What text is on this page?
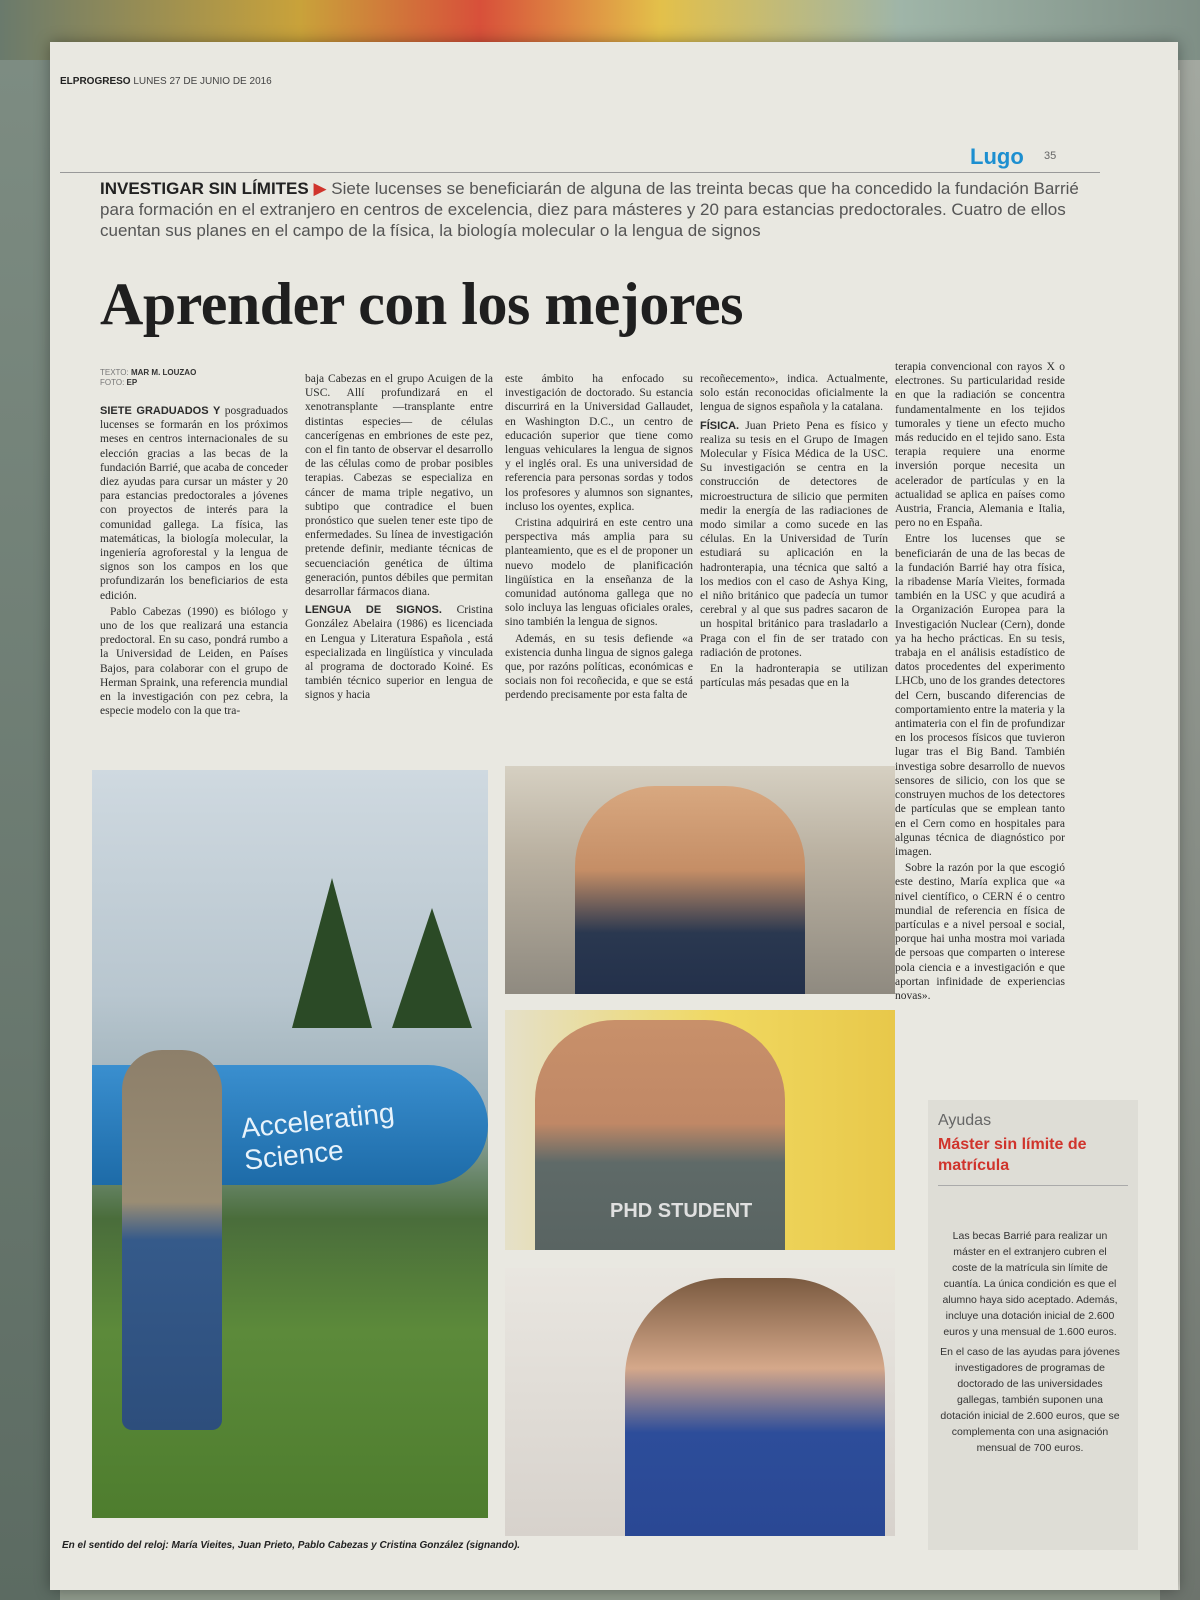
ELPROGRESO LUNES 27 DE JUNIO DE 2016
Lugo 35
INVESTIGAR SIN LÍMITES ▶ Siete lucenses se beneficiarán de alguna de las treinta becas que ha concedido la fundación Barrié para formación en el extranjero en centros de excelencia, diez para másteres y 20 para estancias predoctorales. Cuatro de ellos cuentan sus planes en el campo de la física, la biología molecular o la lengua de signos
Aprender con los mejores
TEXTO: MAR M. LOUZAO
FOTO: EP

SIETE GRADUADOS Y posgraduados lucenses se formarán en los próximos meses en centros internacionales de su elección gracias a las becas de la fundación Barrié, que acaba de conceder diez ayudas para cursar un máster y 20 para estancias predoctorales a jóvenes con proyectos de interés para la comunidad gallega. La física, las matemáticas, la biología molecular, la ingeniería agroforestal y la lengua de signos son los campos en los que profundizarán los beneficiarios de esta edición.

Pablo Cabezas (1990) es biólogo y uno de los que realizará una estancia predoctoral. En su caso, pondrá rumbo a la Universidad de Leiden, en Países Bajos, para colaborar con el grupo de Herman Spraink, una referencia mundial en la investigación con pez cebra, la especie modelo con la que tra-

baja Cabezas en el grupo Acuigen de la USC. Allí profundizará en el xenotransplante —transplante entre distintas especies— de células cancerígenas en embriones de este pez, con el fin tanto de observar el desarrollo de las células como de probar posibles terapias. Cabezas se especializa en cáncer de mama triple negativo, un subtipo que contradice el buen pronóstico que suelen tener este tipo de enfermedades. Su línea de investigación pretende definir, mediante técnicas de secuenciación genética de última generación, puntos débiles que permitan desarrollar fármacos diana.

LENGUA DE SIGNOS. Cristina González Abelaira (1986) es licenciada en Lengua y Literatura Española , está especializada en lingüística y vinculada al programa de doctorado Koiné. Es también técnico superior en lengua de signos y hacia

este ámbito ha enfocado su investigación de doctorado. Su estancia discurrirá en la Universidad Gallaudet, en Washington D.C., un centro de educación superior que tiene como lenguas vehiculares la lengua de signos y el inglés oral. Es una universidad de referencia para personas sordas y todos los profesores y alumnos son signantes, incluso los oyentes, explica.

Cristina adquirirá en este centro una perspectiva más amplia para su planteamiento, que es el de proponer un nuevo modelo de planificación lingüística en la enseñanza de la comunidad autónoma gallega que no solo incluya las lenguas oficiales orales, sino también la lengua de signos.

Además, en su tesis defiende «a existencia dunha lingua de signos galega que, por razóns políticas, económicas e sociais non foi recoñecida, e que se está perdendo precisamente por esta falta de

recoñecemento», indica. Actualmente, solo están reconocidas oficialmente la lengua de signos española y la catalana.

FÍSICA. Juan Prieto Pena es físico y realiza su tesis en el Grupo de Imagen Molecular y Física Médica de la USC. Su investigación se centra en la construcción de detectores de microestructura de silicio que permiten medir la energía de las radiaciones de modo similar a como sucede en las células. En la Universidad de Turín estudiará su aplicación en la hadronterapia, una técnica que saltó a los medios con el caso de Ashya King, el niño británico que padecía un tumor cerebral y al que sus padres sacaron de un hospital británico para trasladarlo a Praga con el fin de ser tratado con radiación de protones.

En la hadronterapia se utilizan partículas más pesadas que en la

terapia convencional con rayos X o electrones. Su particularidad reside en que la radiación se concentra fundamentalmente en los tejidos tumorales y tiene un efecto mucho más reducido en el tejido sano. Esta terapia requiere una enorme inversión porque necesita un acelerador de partículas y en la actualidad se aplica en países como Austria, Francia, Alemania e Italia, pero no en España.

Entre los lucenses que se beneficiarán de una de las becas de la fundación Barrié hay otra física, la ribadense María Vieites, formada también en la USC y que acudirá a la Organización Europea para la Investigación Nuclear (Cern), donde ya ha hecho prácticas. En su tesis, trabaja en el análisis estadístico de datos procedentes del experimento LHCb, uno de los grandes detectores del Cern, buscando diferencias de comportamiento entre la materia y la antimateria con el fin de profundizar en los procesos físicos que tuvieron lugar tras el Big Band. También investiga sobre desarrollo de nuevos sensores de silicio, con los que se construyen muchos de los detectores de partículas que se emplean tanto en el Cern como en hospitales para algunas técnica de diagnóstico por imagen.

Sobre la razón por la que escogió este destino, María explica que «a nivel científico, o CERN é o centro mundial de referencia en física de partículas e a nivel persoal e social, porque hai unha mostra moi variada de persoas que comparten o interese pola ciencia e a investigación e que aportan infinidade de experiencias novas».

Accelerating Science
PHD STUDENT
En el sentido del reloj: María Vieites, Juan Prieto, Pablo Cabezas y Cristina González (signando).
Ayudas
Máster sin límite de matrícula

Las becas Barrié para realizar un máster en el extranjero cubren el coste de la matrícula sin límite de cuantía. La única condición es que el alumno haya sido aceptado. Además, incluye una dotación inicial de 2.600 euros y una mensual de 1.600 euros.

En el caso de las ayudas para jóvenes investigadores de programas de doctorado de las universidades gallegas, también suponen una dotación inicial de 2.600 euros, que se complementa con una asignación mensual de 700 euros.
